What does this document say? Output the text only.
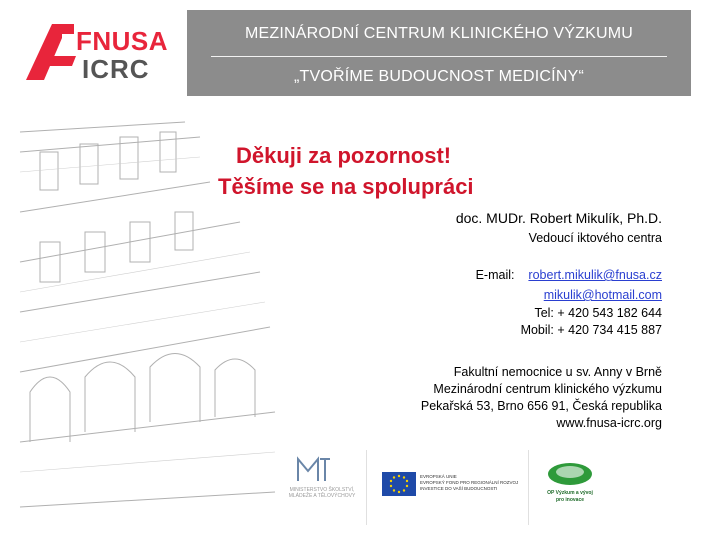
FNUSA
ICRC
MEZINÁRODNÍ CENTRUM KLINICKÉHO VÝZKUMU
„TVOŘÍME BUDOUCNOST MEDICÍNY“
Děkuji za pozornost!
Těšíme se na spolupráci
doc. MUDr. Robert Mikulík, Ph.D.
Vedoucí iktového centra
E-mail: robert.mikulik@fnusa.cz
mikulik@hotmail.com
Tel: + 420 543 182 644
Mobil: + 420 734 415 887
Fakultní nemocnice u sv. Anny v Brně
Mezinárodní centrum klinického výzkumu
Pekařská 53, Brno 656 91, Česká republika
www.fnusa-icrc.org
MINISTERSTVO ŠKOLSTVÍ, MLÁDEŽE A TĚLOVÝCHOVY
EVROPSKÁ UNIE
EVROPSKÝ FOND PRO REGIONÁLNÍ ROZVOJ
INVESTICE DO VAŠÍ BUDOUCNOSTI
OP Výzkum a vývoj
pro inovace
